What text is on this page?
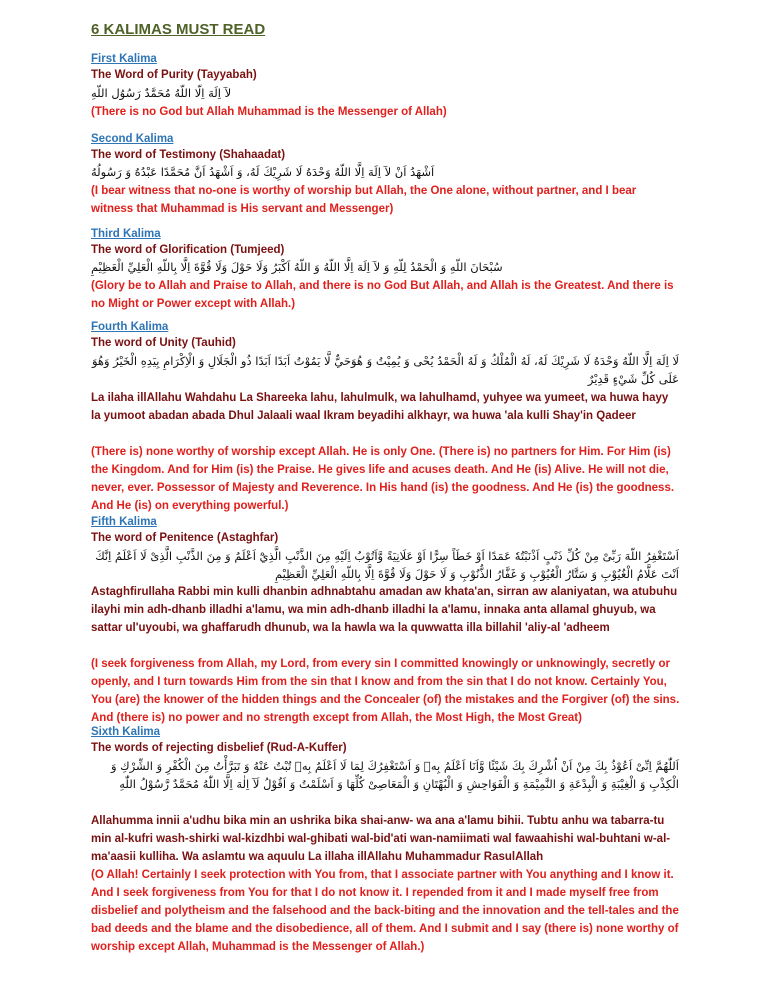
6 KALIMAS MUST READ
First Kalima
The Word of Purity (Tayyabah)
لآ اِلَهَ اِلّا اللّهُ مُحَمَّدٌ رَسُوُل اللّهِ
(There is no God but Allah Muhammad is the Messenger of Allah)
Second Kalima
The word of Testimony (Shahaadat)
اَشْهَدُ اَنْ لآ اِلَهَ اِلَّا اللّهُ وَحْدَهُ لَا شَرِيْكَ لَهُ، وَ اَشْهَدُ اَنَّ مُحَمَّدًا عَبْدُهُ وَ رَسُولُهُ
(I bear witness that no-one is worthy of worship but Allah, the One alone, without partner, and I bear witness that Muhammad is His servant and Messenger)
Third Kalima
The word of Glorification (Tumjeed)
سُبْحَانَ اللّهِ وَ الْحَمْدُ لِلّهِ وَ لآ اِلَهَ اِلَّا اللّهُ وَ اللّهُ اَكْبَرُ وَلَا حَوْلَ وَلَا قُوَّةَ اِلَّا بِاللّهِ الْعَلِيِّ الْعَظِيْمِ
(Glory be to Allah and Praise to Allah, and there is no God But Allah, and Allah is the Greatest. And there is no Might or Power except with Allah.)
Fourth Kalima
The word of Unity (Tauhid)
لَا اِلَهَ اِلَّا اللّهُ وَحْدَهُ لَا شَرِيْكَ لَهُ، لَهُ الْمُلْكُ وَ لَهُ الْحَمْدُ يُحْى وَ يُمِيْتُ وَ هُوَحَيٌّ لَّا يَمُوْتُ اَبَدًا اَبَدًا ذُو الْجَلَالِ وَ الْاِكْرَامِ بِيَدِهِ الْخَيْرُ وَهُوَ عَلَى كُلِّ شَيْءٍ قَدِيْرٌ
La ilaha illAllahu Wahdahu La Shareeka lahu, lahulmulk, wa lahulhamd, yuhyee wa yumeet, wa huwa hayy la yumoot abadan abada Dhul Jalaali waal Ikram beyadihi alkhayr, wa huwa 'ala kulli Shay'in Qadeer
(There is) none worthy of worship except Allah. He is only One. (There is) no partners for Him. For Him (is) the Kingdom. And for Him (is) the Praise. He gives life and acuses death. And He (is) Alive. He will not die, never, ever. Possessor of Majesty and Reverence. In His hand (is) the goodness. And He (is) the goodness. And He (is) on everything powerful.)
Fifth Kalima
The word of Penitence (Astaghfar)
اَسْتَغْفِرُ اللّهَ رَبِّىْ مِنْ كُلِّ ذَنْبٍ اَذْنَبْتُهٗ عَمَدًا اَوْ خَطَاً سِرًّا اَوْ عَلَانِيَةً وَّاَتُوْبُ اِلَيْهِ مِنَ الذَّنْبِ الَّذِيْٓ اَعْلَمُ وَ مِنَ الذَّنْبِ الَّذِىْ لَا اَعْلَمُ اِنَّكَ اَنْتَ عَلَّامُ الْغُيُوْبِ وَ سَتَّارُ الْعُيُوْبِ وَ غَفَّارُ الذُّنُوْبِ وَ لَا حَوْلَ وَلَا قُوَّةَ اِلَّا بِاللّهِ الْعَلِيِّ الْعَظِيْمِ
Astaghfirullaha Rabbi min kulli dhanbin adhnabtahu amadan aw khata'an, sirran aw alaniyatan, wa atubuhu ilayhi min adh-dhanb illadhi a'lamu, wa min adh-dhanb illadhi la a'lamu, innaka anta allamal ghuyub, wa sattar ul'uyoubi, wa ghaffarudh dhunub, wa la hawla wa la quwwatta illa billahil 'aliy-al 'adheem
(I seek forgiveness from Allah, my Lord, from every sin I committed knowingly or unknowingly, secretly or openly, and I turn towards Him from the sin that I know and from the sin that I do not know. Certainly You, You (are) the knower of the hidden things and the Concealer (of) the mistakes and the Forgiver (of) the sins. And (there is) no power and no strength except from Allah, the Most High, the Most Great)
Sixth Kalima
The words of rejecting disbelief (Rud-A-Kuffer)
اَللّٰهُمَّ اِنِّیْ اَعُوْذُ بِكَ مِنْ اَنْ اُشْرِكَ بِكَ شَيْئًا وَّاَنَا اَعْلَمُ بِهٖ وَ اَسْتَغْفِرُكَ لِمَا لَا اَعْلَمُ بِهٖ تُبْتُ عَنْهُ وَ تَبَرَّأْتُ مِنَ الْكُفْرِ وَ الشِّرْكِ وَ الْكِذْبِ وَ الْغِيْبَةِ وَ الْبِدْعَةِ وَ النَّمِيْمَةِ وَ الْفَوَاحِشِ وَ الْبُهْتَانِ وَ الْمَعَاصِىْ كُلِّهَا وَ اَسْلَمْتُ وَ اَقُوْلُ لَآ اِلٰهَ اِلَّا اللّٰهُ مُحَمَّدٌ رَّسُوْلُ اللّٰهِ
Allahumma innii a'udhu bika min an ushrika bika shai-anw- wa ana a'lamu bihii. Tubtu anhu wa tabarra-tu min al-kufri wash-shirki wal-kizdhbi wal-ghibati wal-bid'ati wan-namiimati wal fawaahishi wal-buhtani w-al-ma'aasii kulliha. Wa aslamtu wa aquulu La illaha illAllahu Muhammadur RasulAllah
(O Allah! Certainly I seek protection with You from, that I associate partner with You anything and I know it. And I seek forgiveness from You for that I do not know it. I repended from it and I made myself free from disbelief and polytheism and the falsehood and the back-biting and the innovation and the tell-tales and the bad deeds and the blame and the disobedience, all of them. And I submit and I say (there is) none worthy of worship except Allah, Muhammad is the Messenger of Allah.)
